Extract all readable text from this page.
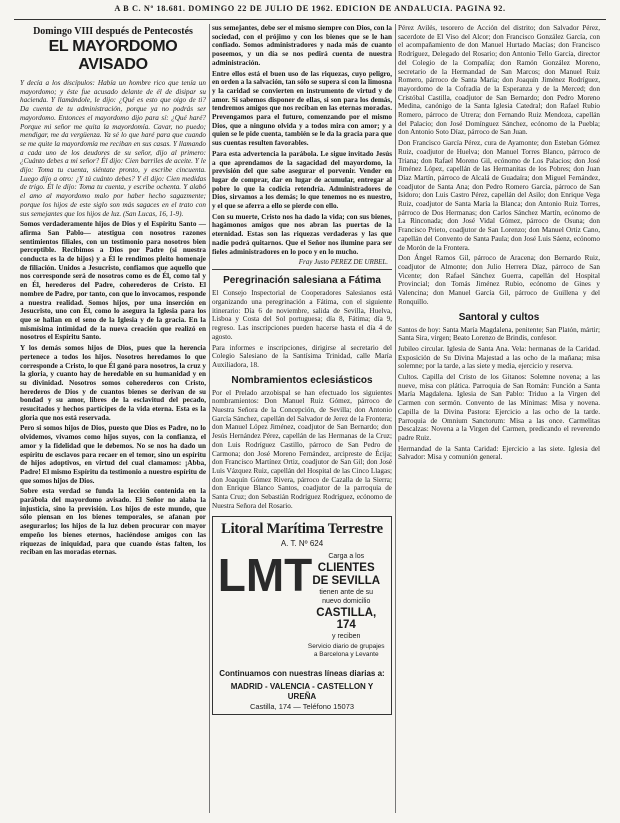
A B C. Nº 18.681. DOMINGO 22 DE JULIO DE 1962. EDICION DE ANDALUCIA. PAGINA 92.
Domingo VIII después de Pentecostés
EL MAYORDOMO AVISADO

Y decía a los discípulos: Había un hombre rico que tenía un mayordomo; y éste fue acusado delante de él de disipar su hacienda. Y llamándole, le dijo: ¿Qué es esto que oigo de ti? Da cuenta de tu administración, porque ya no podrás ser mayordomo. Entonces el mayordomo dijo para sí: ¿Qué haré? Porque mi señor me quita la mayordomía. Cavar, no puedo; mendigar, me da vergüenza. Ya sé lo que haré para que cuando se me quite la mayordomía me reciban en sus casas. Y llamando a cada uno de los deudores de su señor, dijo al primero: ¿Cuánto debes a mi señor? Él dijo: Cien barriles de aceite. Y le dijo: Toma tu cuenta, siéntate pronto, y escribe cincuenta. Luego dijo a otro: ¿Y tú cuánto debes? Y él dijo: Cien medidas de trigo. Él le dijo: Toma tu cuenta, y escribe ochenta. Y alabó el amo al mayordomo malo por haber hecho sagazmente; porque los hijos de este siglo son más sagaces en el trato con sus semejantes que los hijos de luz. (San Lucas, 16, 1-9).

Somos verdaderamente hijos de Dios y el Espíritu Santo —afirma San Pablo— atestigua con nosotros razones sentimientos filiales, con un testimonio para nosotros bien perceptible. Recibimos a Dios por Padre (si nuestra conducta es la de hijos) y a Él le rendimos pleito homenaje de filiación. Unidos a Jesucristo, confiamos que aquello que nos corresponde será de nosotros como es de Él, como tal y en Él, herederos del Padre, coherederos de Cristo. El nombre de Padre, por tanto, con que lo invocamos, responde a nuestra realidad. Somos hijos, por una inserción en Jesucristo, uno con Él, como lo asegura la Iglesia para los que se hallan en el seno de la Iglesia y de la gracia. En la mismísima intimidad de la nueva creación que realizó en nosotros el Espíritu Santo.

Y los demás somos hijos de Dios, pues que la herencia pertenece a todos los hijos. Nosotros heredamos lo que corresponde a Cristo, lo que Él ganó para nosotros, la cruz y la gloria, y cuanto hay de heredable en su humanidad y en su divinidad. Nosotros somos coherederos con Cristo, herederos de Dios y de cuantos bienes se derivan de su bondad y su amor, libres de la esclavitud del pecado, resucitados y hechos partícipes de la vida eterna. Esta es la gloria que nos está reservada.

Pero si somos hijos de Dios, puesto que Dios es Padre, no lo olvidemos, vivamos como hijos suyos, con la confianza, el amor y la fidelidad que le debemos. No se nos ha dado un espíritu de esclavos para recaer en el temor, sino un espíritu de hijos adoptivos, en virtud del cual clamamos: ¡Abba, Padre! El mismo Espíritu da testimonio a nuestro espíritu de que somos hijos de Dios.

Sobre esta verdad se funda la lección contenida en la parábola del mayordomo avisado. El Señor no alaba la injusticia, sino la previsión. Los hijos de este mundo, que sólo piensan en los bienes temporales, se afanan por asegurarlos; los hijos de la luz deben procurar con mayor empeño los bienes eternos, haciéndose amigos con las riquezas de iniquidad, para que cuando éstas falten, los reciban en las moradas eternas.

sus semejantes, debe ser el mismo siempre con Dios, con la sociedad, con el prójimo y con los bienes que se le han confiado. Somos administradores y nada más de cuanto poseemos, y un día se nos pedirá cuenta de nuestra administración.

Entre ellos está el buen uso de las riquezas, cuyo peligro, en orden a la salvación, tan sólo se supera si con la limosna y la caridad se convierten en instrumento de virtud y de amor. Si sabemos disponer de ellas, si son para los demás, tendremos amigos que nos reciban en las eternas moradas. Prevengamos para el futuro, comenzando por el mismo Dios, que a ninguno olvida y a todos mira con amor; y a quien se le pide cuenta, también se le da la gracia para que sus cuentas resulten favorables.

Para esta advertencia la parábola. Le sigue invitado Jesús a que aprendamos de la sagacidad del mayordomo, la previsión del que sabe asegurar el porvenir. Vender en lugar de comprar, dar en lugar de acumular, entregar al pobre lo que la codicia retendría. Administradores de Dios, sirvamos a los demás; lo que tenemos no es nuestro, y el que se aferra a ello se pierde con ello.

Con su muerte, Cristo nos ha dado la vida; con sus bienes, hagámonos amigos que nos abran las puertas de la eternidad. Estas son las riquezas verdaderas y las que nadie podrá quitarnos. Que el Señor nos ilumine para ser fieles administradores en lo poco y en lo mucho.

Fray Justo PEREZ DE URBEL.
Peregrinación salesiana a Fátima

El Consejo Inspectorial de Cooperadores Salesianos está organizando una peregrinación a Fátima, con el siguiente itinerario: Día 6 de noviembre, salida de Sevilla, Huelva, Lisboa y Costa del Sol portuguesa; día 8, Fátima; día 9, regreso. Las inscripciones pueden hacerse hasta el día 4 de agosto.

Para informes e inscripciones, dirigirse al secretario del Colegio Salesiano de la Santísima Trinidad, calle María Auxiliadora, 18.

Nombramientos eclesiásticos

Por el Prelado arzobispal se han efectuado los siguientes nombramientos: Don Manuel Ruiz Gómez, párroco de Nuestra Señora de la Concepción, de Sevilla; don Antonio García Sánchez, capellán del Salvador de Jerez de la Frontera; don Manuel López Jiménez, coadjutor de San Bernardo; don Jesús Hernández Pérez, capellán de las Hermanas de la Cruz; don Luis Rodríguez Castillo, párroco de San Pedro de Carmona; don José Moreno Fernández, arcipreste de Écija; don Francisco Martínez Ortiz, coadjutor de San Gil; don José Luis Vázquez Ruiz, capellán del Hospital de las Cinco Llagas; don Joaquín Gómez Rivera, párroco de Cazalla de la Sierra; don Enrique Blanco Santos, coadjutor de la parroquia de Santa Cruz; don Sebastián Rodríguez Rodríguez, ecónomo de Nuestra Señora del Rosario.

Litoral Marítima Terrestre
A. T. Nº 624
LMT
	Carga a los

CLIENTES

DE SEVILLA

tienen ante de su

nuevo domicilio

CASTILLA, 174

y reciben

Servicio diario de grupajes a Barcelona y Levante

Continuamos con nuestras líneas diarias a:
MADRID - VALENCIA - CASTELLON Y UREÑA
Castilla, 174 — Teléfono 15073

Pérez Avilés, tesorero de Acción del distrito; don Salvador Pérez, sacerdote de El Viso del Alcor; don Francisco González García, con el acompañamiento de don Manuel Hurtado Macías; don Francisco Rodríguez, Delegado del Rosario; don Antonio Tello García, director del Colegio de la Compañía; don Ramón González Moreno, secretario de la Hermandad de San Marcos; don Manuel Ruiz Romero, párroco de Santa María; don Joaquín Jiménez Rodríguez, mayordomo de la Cofradía de la Esperanza y de la Merced; don Cristóbal Castilla, coadjutor de San Bernardo; don Pedro Moreno Medina, canónigo de la Santa Iglesia Catedral; don Rafael Rubio Romero, párroco de Utrera; don Fernando Ruiz Mendoza, capellán del Palacio; don José Domínguez Sánchez, ecónomo de la Puebla; don Antonio Soto Díaz, párroco de San Juan.

Don Francisco García Pérez, cura de Ayamonte; don Esteban Gómez Ruiz, coadjutor de Huelva; don Manuel Torres Blanco, párroco de Triana; don Rafael Moreno Gil, ecónomo de Los Palacios; don José Jiménez López, capellán de las Hermanitas de los Pobres; don Juan Díaz Martín, párroco de Alcalá de Guadaíra; don Miguel Fernández, coadjutor de Santa Ana; don Pedro Romero García, párroco de San Isidoro; don Luis Castro Pérez, capellán del Asilo; don Enrique Vega Ruiz, coadjutor de Santa María la Blanca; don Antonio Ruiz Torres, párroco de Dos Hermanas; don Carlos Sánchez Martín, ecónomo de La Rinconada; don José Vidal Gómez, párroco de Osuna; don Francisco Prieto, coadjutor de San Lorenzo; don Manuel Ortiz Cano, capellán del Convento de Santa Paula; don José Luis Sáenz, ecónomo de Morón de la Frontera.

Don Ángel Ramos Gil, párroco de Aracena; don Bernardo Ruiz, coadjutor de Almonte; don Julio Herrera Díaz, párroco de San Vicente; don Rafael Sánchez Guerra, capellán del Hospital Provincial; don Tomás Jiménez Rubio, ecónomo de Gines y Valencina; don Manuel García Gil, párroco de Guillena y del Ronquillo.

Santoral y cultos

Santos de hoy: Santa María Magdalena, penitente; San Platón, mártir; Santa Sira, virgen; Beato Lorenzo de Brindis, confesor.

Jubileo circular. Iglesia de Santa Ana. Vela: hermanas de la Caridad. Exposición de Su Divina Majestad a las ocho de la mañana; misa solemne; por la tarde, a las siete y media, ejercicio y reserva.

Cultos. Capilla del Cristo de los Gitanos: Solemne novena; a las nueve, misa con plática. Parroquia de San Román: Función a Santa María Magdalena. Iglesia de San Pablo: Triduo a la Virgen del Carmen con sermón. Convento de las Mínimas: Misa y novena. Capilla de la Divina Pastora: Ejercicio a las ocho de la tarde. Parroquia de Omnium Sanctorum: Misa a las once. Carmelitas Descalzas: Novena a la Virgen del Carmen, predicando el reverendo padre Ruiz.

Hermandad de la Santa Caridad: Ejercicio a las siete. Iglesia del Salvador: Misa y comunión general.
